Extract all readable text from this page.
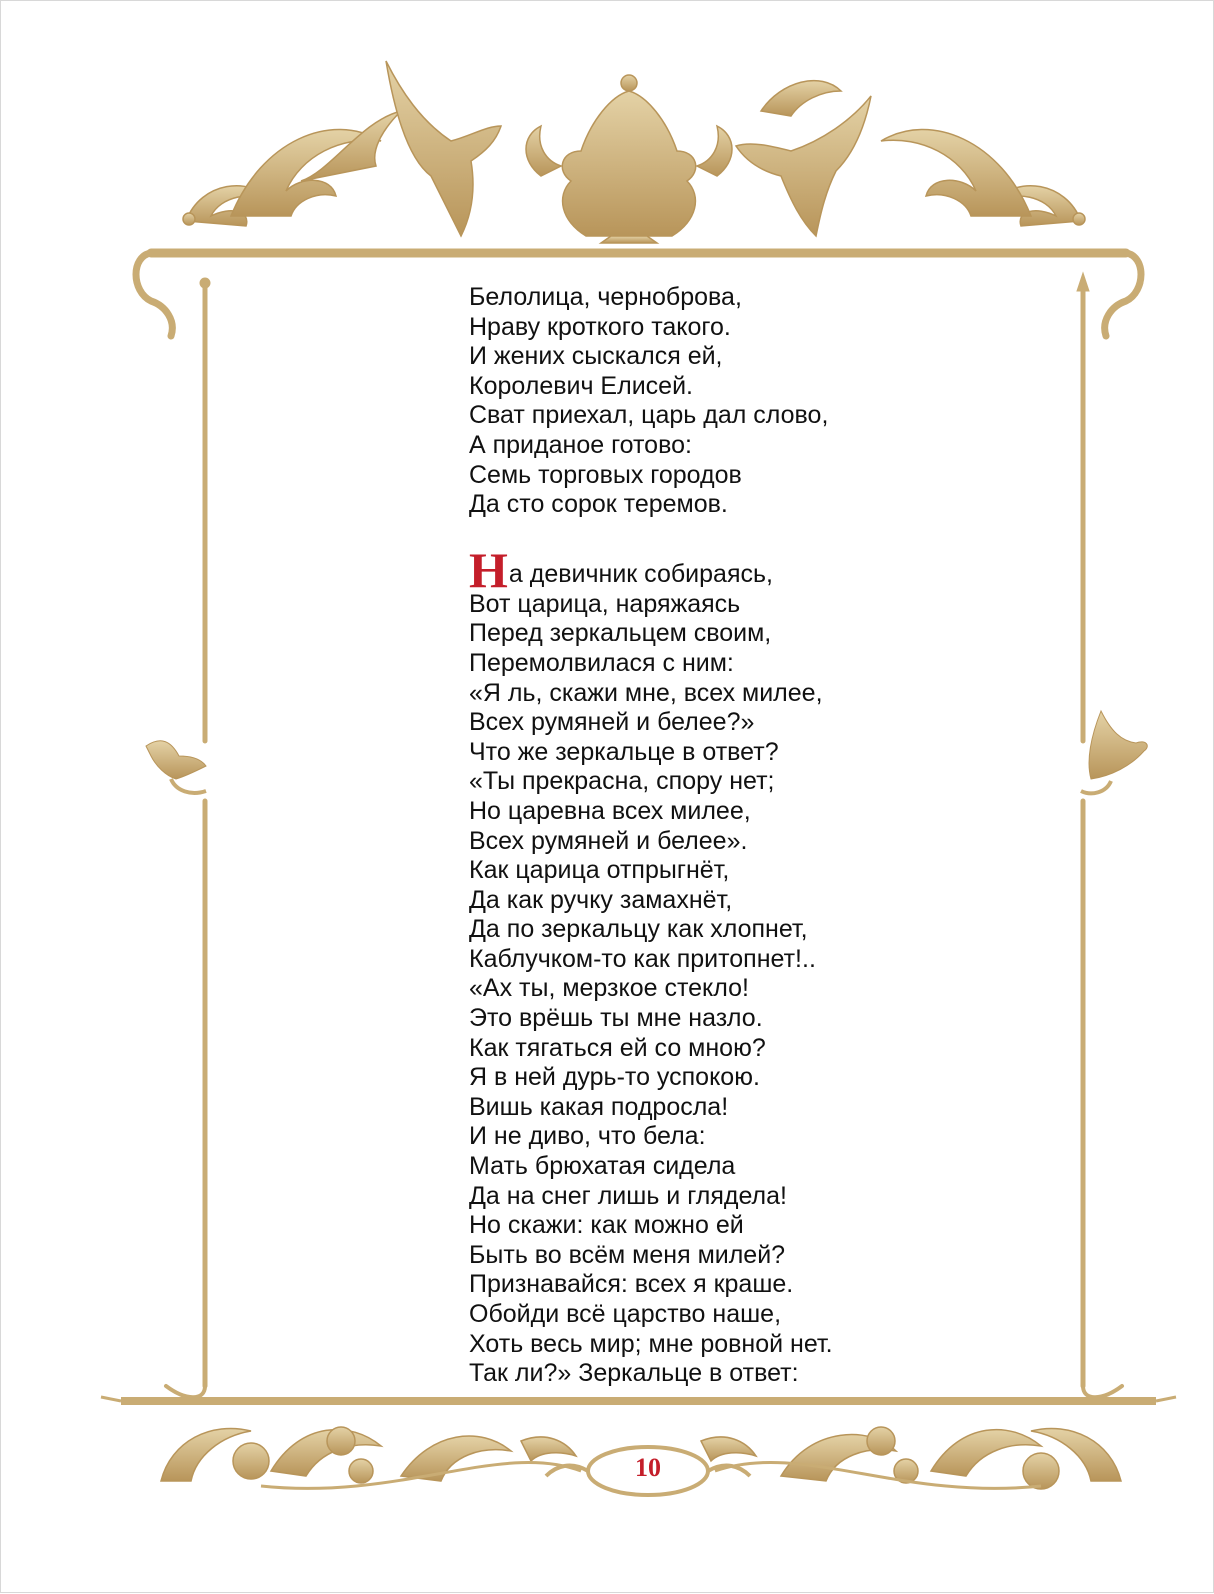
Белолица, черноброва,
Нраву кроткого такого.
И жених сыскался ей,
Королевич Елисей.
Сват приехал, царь дал слово,
А приданое готово:
Семь торговых городов
Да сто сорок теремов.
На девичник собираясь,
Вот царица, наряжаясь
Перед зеркальцем своим,
Перемолвилася с ним:
«Я ль, скажи мне, всех милее,
Всех румяней и белее?»
Что же зеркальце в ответ?
«Ты прекрасна, спору нет;
Но царевна всех милее,
Всех румяней и белее».
Как царица отпрыгнёт,
Да как ручку замахнёт,
Да по зеркальцу как хлопнет,
Каблучком-то как притопнет!..
«Ах ты, мерзкое стекло!
Это врёшь ты мне назло.
Как тягаться ей со мною?
Я в ней дурь-то успокою.
Вишь какая подросла!
И не диво, что бела:
Мать брюхатая сидела
Да на снег лишь и глядела!
Но скажи: как можно ей
Быть во всём меня милей?
Признавайся: всех я краше.
Обойди всё царство наше,
Хоть весь мир; мне ровной нет.
Так ли?» Зеркальце в ответ:
10
